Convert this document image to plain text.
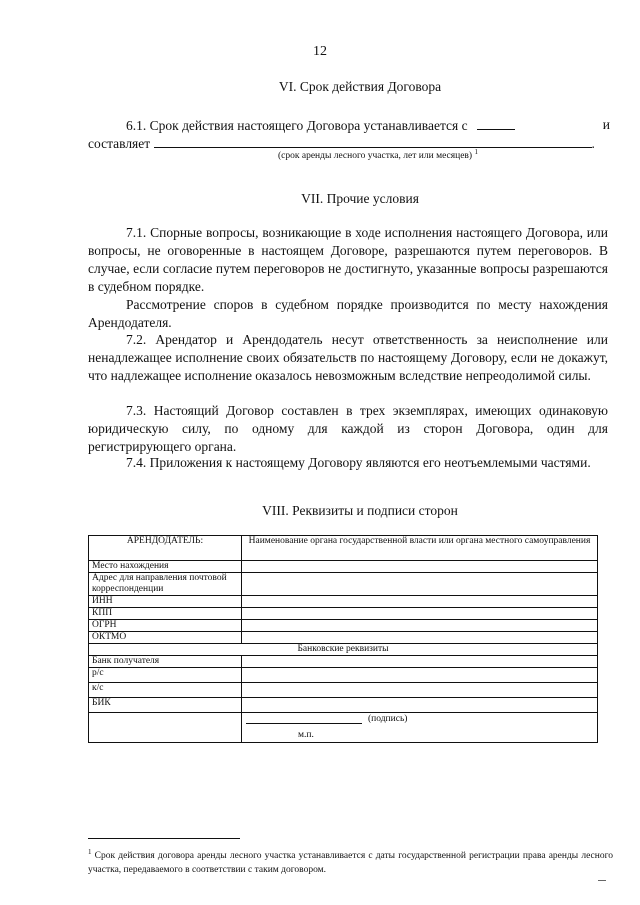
12
VI. Срок действия Договора
6.1. Срок действия настоящего Договора устанавливается с	и
составляет	.
(срок аренды лесного участка, лет или месяцев) $^1$
VII. Прочие условия
7.1. Спорные вопросы, возникающие в ходе исполнения настоящего Договора, или вопросы, не оговоренные в настоящем Договоре, разрешаются путем переговоров. В случае, если согласие путем переговоров не достигнуто, указанные вопросы разрешаются в судебном порядке.
Рассмотрение споров в судебном порядке производится по месту нахождения Арендодателя.
7.2. Арендатор и Арендодатель несут ответственность за неисполнение или ненадлежащее исполнение своих обязательств по настоящему Договору, если не докажут, что надлежащее исполнение оказалось невозможным вследствие непреодолимой силы.
7.3. Настоящий Договор составлен в трех экземплярах, имеющих одинаковую юридическую силу, по одному для каждой из сторон Договора, один для регистрирующего органа.
7.4. Приложения к настоящему Договору являются его неотъемлемыми частями.
VIII. Реквизиты и подписи сторон
АРЕНДОДАТЕЛЬ:	Наименование органа государственной власти или органа местного самоуправления
Место нахождения	
Адрес для направления почтовой корреспонденции	
ИНН	
КПП	
ОГРН	
ОКТМО	
Банковские реквизиты	
Банк получателя	
р/с	
к/с	
БИК	

	(подпись)
м.п.
$^1$ Срок действия договора аренды лесного участка устанавливается с даты государственной регистрации права аренды лесного участка, передаваемого в соответствии с таким договором.
